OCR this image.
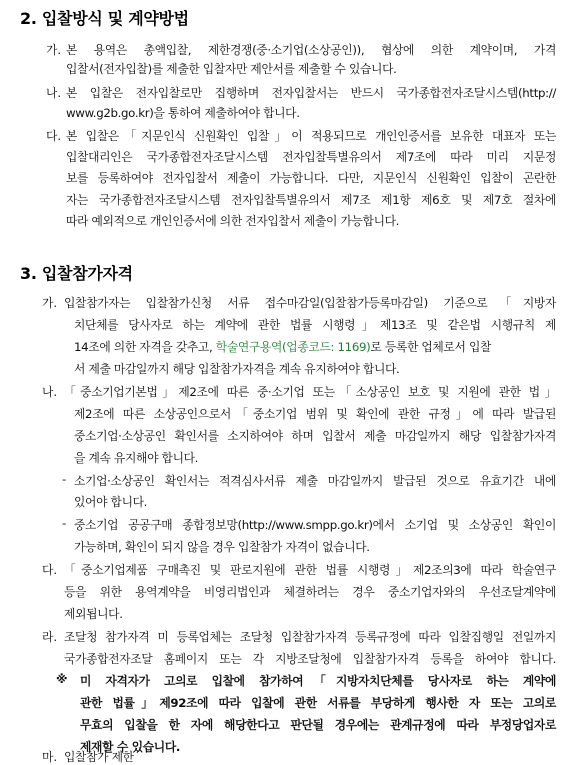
2. 입찰방식 및 계약방법
가. 본 용역은 총액입찰, 제한경쟁(중·소기업(소상공인)), 협상에 의한 계약이며, 가격
입찰서(전자입찰)를 제출한 입찰자만 제안서를 제출할 수 있습니다.
나. 본 입찰은 전자입찰로만 집행하며 전자입찰서는 반드시 국가종합전자조달시스템(http://
www.g2b.go.kr)을 통하여 제출하여야 합니다.
다. 본 입찰은「지문인식 신원확인 입찰」이 적용되므로 개인인증서를 보유한 대표자 또는
입찰대리인은 국가종합전자조달시스템 전자입찰특별유의서 제7조에 따라 미리 지문정
보를 등록하여야 전자입찰서 제출이 가능합니다. 다만, 지문인식 신원확인 입찰이 곤란한
자는 국가종합전자조달시스템 전자입찰특별유의서 제7조 제1항 제6호 및 제7호 절차에
따라 예외적으로 개인인증서에 의한 전자입찰서 제출이 가능합니다.
3. 입찰참가자격
가. 입찰참가자는 입찰참가신청 서류 접수마감일(입찰참가등록마감일) 기준으로「지방자
치단체를 당사자로 하는 계약에 관한 법률 시행령」제13조 및 같은법 시행규칙 제
14조에 의한 자격을 갖추고, 학술연구용역(업종코드: 1169)로 등록한 업체로서 입찰
서 제출 마감일까지 해당 입찰참가자격을 계속 유지하여야 합니다.
나. 「중소기업기본법」제2조에 따른 중·소기업 또는「소상공인 보호 및 지원에 관한 법」
제2조에 따른 소상공인으로서「중소기업 범위 및 확인에 관한 규정」에 따라 발급된
중소기업·소상공인 확인서를 소지하여야 하며 입찰서 제출 마감일까지 해당 입찰참가자격
을 계속 유지해야 합니다.
- 소기업·소상공인 확인서는 적격심사서류 제출 마감일까지 발급된 것으로 유효기간 내에
있어야 합니다.
- 중소기업 공공구매 종합정보망(http://www.smpp.go.kr)에서 소기업 및 소상공인 확인이
가능하며, 확인이 되지 않을 경우 입찰참가 자격이 없습니다.
다. 「중소기업제품 구매촉진 및 판로지원에 관한 법률 시행령」제2조의3에 따라 학술연구
등을 위한 용역계약을 비영리법인과 체결하려는 경우 중소기업자와의 우선조달계약에
제외됩니다.
라. 조달청 참가자격 미 등록업체는 조달청 입찰참가자격 등록규정에 따라 입찰집행일 전일까지
국가종합전자조달 홈페이지 또는 각 지방조달청에 입찰참가자격 등록을 하여야 합니다.
※ 미 자격자가 고의로 입찰에 참가하여「지방자치단체를 당사자로 하는 계약에
관한 법률」제92조에 따라 입찰에 관한 서류를 부당하게 행사한 자 또는 고의로
무효의 입찰을 한 자에 해당한다고 판단될 경우에는 관계규정에 따라 부정당업자로
제재할 수 있습니다.
마. 입찰참가 제한
